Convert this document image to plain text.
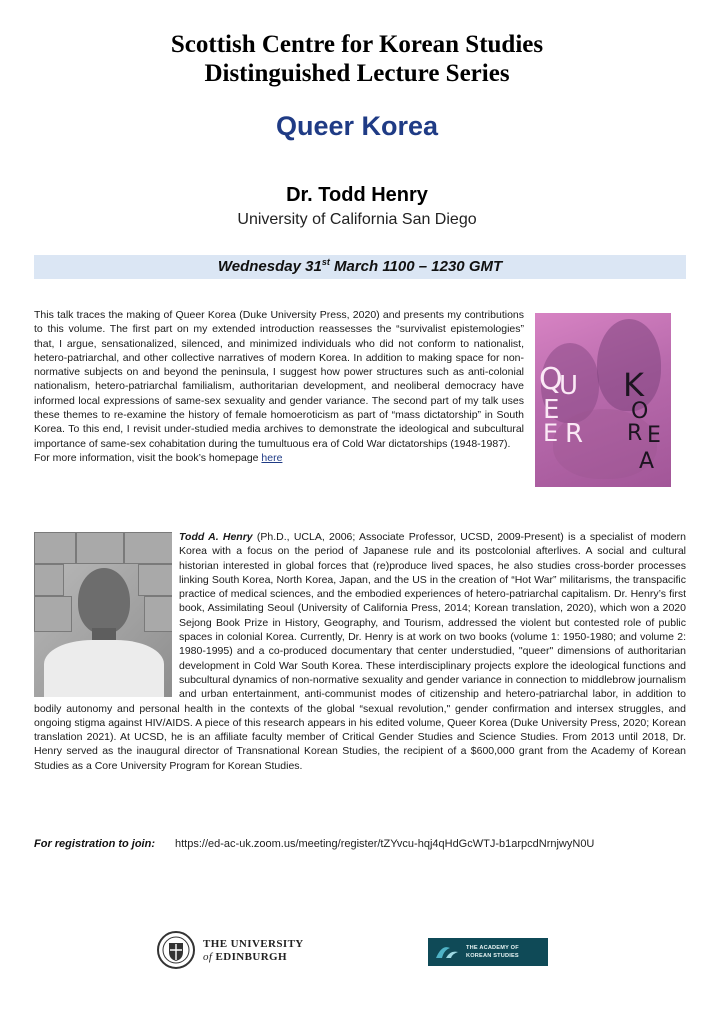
Scottish Centre for Korean Studies
Distinguished Lecture Series
Queer Korea
Dr. Todd Henry
University of California San Diego
Wednesday 31st March 1100 – 1230 GMT

This talk traces the making of Queer Korea (Duke University Press, 2020) and presents my contributions to this volume. The first part on my extended introduction reassesses the “survivalist epistemologies” that, I argue, sensationalized, silenced, and minimized individuals who did not conform to nationalist, hetero-patriarchal, and other collective narratives of modern Korea. In addition to making space for non-normative subjects on and beyond the peninsula, I suggest how power structures such as anti-colonial nationalism, hetero-patriarchal familialism, authoritarian development, and neoliberal democracy have informed local expressions of same-sex sexuality and gender variance. The second part of my talk uses these themes to re-examine the history of female homoeroticism as part of “mass dictatorship” in South Korea. To this end, I revisit under-studied media archives to demonstrate the ideological and subcultural importance of same-sex cohabitation during the tumultuous era of Cold War dictatorships (1948-1987).

For more information, visit the book’s homepage here

Q
U
E
E R
K
O
R E
A

Todd A. Henry (Ph.D., UCLA, 2006; Associate Professor, UCSD, 2009-Present) is a specialist of modern Korea with a focus on the period of Japanese rule and its postcolonial afterlives. A social and cultural historian interested in global forces that (re)produce lived spaces, he also studies cross-border processes linking South Korea, North Korea, Japan, and the US in the creation of “Hot War” militarisms, the transpacific practice of medical sciences, and the embodied experiences of hetero-patriarchal capitalism. Dr. Henry’s first book, Assimilating Seoul (University of California Press, 2014; Korean translation, 2020), which won a 2020 Sejong Book Prize in History, Geography, and Tourism, addressed the violent but contested role of public spaces in colonial Korea. Currently, Dr. Henry is at work on two books (volume 1: 1950-1980; and volume 2: 1980-1995) and a co-produced documentary that center understudied, "queer" dimensions of authoritarian development in Cold War South Korea. These interdisciplinary projects explore the ideological functions and subcultural dynamics of non-normative sexuality and gender variance in connection to middlebrow journalism and urban entertainment, anti-communist modes of citizenship and hetero-patriarchal labor, in addition to bodily autonomy and personal health in the contexts of the global “sexual revolution," gender confirmation and intersex struggles, and ongoing stigma against HIV/AIDS. A piece of this research appears in his edited volume, Queer Korea (Duke University Press, 2020; Korean translation 2021). At UCSD, he is an affiliate faculty member of Critical Gender Studies and Science Studies. From 2013 until 2018, Dr. Henry served as the inaugural director of Transnational Korean Studies, the recipient of a $600,000 grant from the Academy of Korean Studies as a Core University Program for Korean Studies.

For registration to join: https://ed-ac-uk.zoom.us/meeting/register/tZYvcu-hqj4qHdGcWTJ-b1arpcdNrnjwyN0U
THE UNIVERSITY
of EDINBURGH
THE ACADEMY OF
KOREAN STUDIES
